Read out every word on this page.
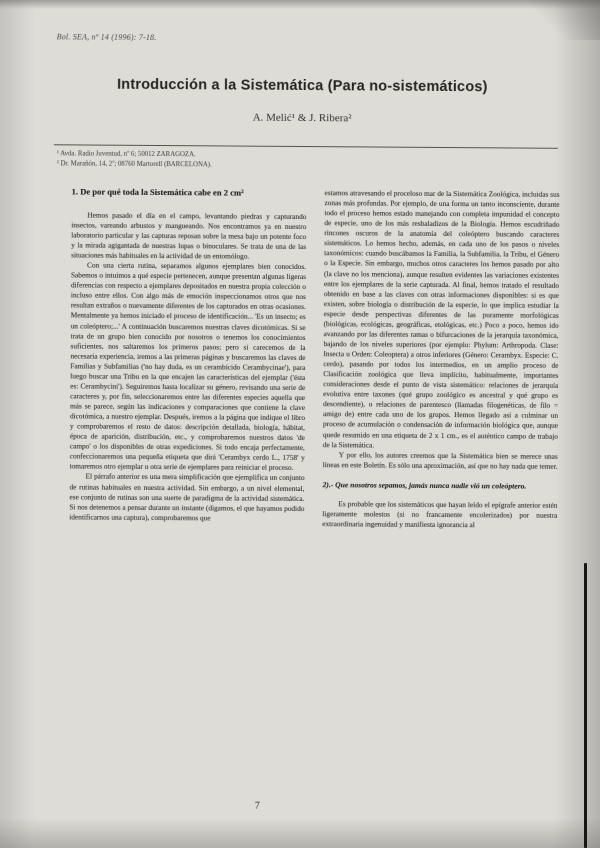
Bol. SEA, nº 14 (1996): 7-18.
Introducción a la Sistemática (Para no-sistemáticos)
A. Melić¹ & J. Ribera²
¹ Avda. Radio Juventud, nº 6; 50012 ZARAGOZA.
² Dr. Marañón, 14, 2º; 08760 Martorell (BARCELONA).
1. De por qué toda la Sistemática cabe en 2 cm²

Hemos pasado el día en el campo, levantando piedras y capturando insectos, vareando arbustos y mangueando. Nos encontramos ya en nuestro laboratorio particular y las capturas reposan sobre la mesa bajo un potente foco y la mirada agigantada de nuestras lupas o binoculares. Se trata de una de las situaciones más habituales en la actividad de un entomólogo.

Con una cierta rutina, separamos algunos ejemplares bien conocidos. Sabemos o intuimos a qué especie pertenecen, aunque presentan algunas ligeras diferencias con respecto a ejemplares depositados en nuestra propia colección o incluso entre ellos. Con algo más de emoción inspeccionamos otros que nos resultan extraños o nuevamente diferentes de los capturados en otras ocasiones. Mentalmente ya hemos iniciado el proceso de identificación... 'Es un insecto; es un coleóptero;...' A continuación buscaremos nuestras claves dicotómicas. Si se trata de un grupo bien conocido por nosotros o tenemos los conocimientos suficientes, nos saltaremos los primeros pasos; pero si carecemos de la necesaria experiencia, iremos a las primeras páginas y buscaremos las claves de Familias y Subfamilias ('no hay duda, es un cerambícido Cerambycinae'), para luego buscar una Tribu en la que encajen las características del ejemplar ('ésta es: Cerambycini'). Seguiremos hasta localizar su género, revisando una serie de caracteres y, por fin, seleccionaremos entre las diferentes especies aquella que más se parece, según las indicaciones y comparaciones que contiene la clave dicotómica, a nuestro ejemplar. Después, iremos a la página que indique el libro y comprobaremos el resto de datos: descripción detallada, biología, hábitat, época de aparición, distribución, etc., y comprobaremos nuestros datos 'de campo' o los disponibles de otras expediciones. Si todo encaja perfectamente, confeccionaremos una pequeña etiqueta que dirá 'Cerambyx cerdo L., 1758' y tomaremos otro ejemplar u otra serie de ejemplares para reiniciar el proceso.

El párrafo anterior es una mera simplificación que ejemplifica un conjunto de rutinas habituales en nuestra actividad. Sin embargo, a un nivel elemental, ese conjunto de rutinas son una suerte de paradigma de la actividad sistemática. Si nos detenemos a pensar durante un instante (digamos, el que hayamos podido identificarnos una captura), comprobaremos que

estamos atravesando el proceloso mar de la Sistemática Zoológica, incluidas sus zonas más profundas. Por ejemplo, de una forma un tanto inconsciente, durante todo el proceso hemos estado manejando con completa impunidad el concepto de especie, uno de los más resbaladizos de la Biología. Hemos escudriñado rincones oscuros de la anatomía del coleóptero buscando caracteres sistemáticos. Lo hemos hecho, además, en cada uno de los pasos o niveles taxonómicos: cuando buscábamos la Familia, la Subfamilia, la Tribu, el Género o la Especie. Sin embargo, muchos otros caracteres los hemos pasado por alto (la clave no los menciona), aunque resulten evidentes las variaciones existentes entre los ejemplares de la serie capturada. Al final, hemos tratado el resultado obtenido en base a las claves con otras informaciones disponibles: si es que existen, sobre biología o distribución de la especie, lo que implica estudiar la especie desde perspectivas diferentes de las puramente morfológicas (biológicas, ecológicas, geográficas, etológicas, etc.) Poco a poco, hemos ido avanzando por las diferentes ramas o bifurcaciones de la jerarquía taxonómica, bajando de los niveles superiores (por ejemplo: Phylum: Arthropoda. Clase: Insecta u Orden: Coleoptera) a otros inferiores (Género: Cerambyx. Especie: C. cerdo), pasando por todos los intermedios, en un amplio proceso de Clasificación zoológica que lleva implícito, habitualmente, importantes consideraciones desde el punto de vista sistemático: relaciones de jerarquía evolutiva entre taxones (qué grupo zoológico es ancestral y qué grupo es descendiente), o relaciones de parentesco (llamadas filogenéticas, de filo = amigo de) entre cada uno de los grupos. Hemos llegado así a culminar un proceso de acumulación o condensación de información biológica que, aunque quede resumido en una etiqueta de 2 x 1 cm., es el auténtico campo de trabajo de la Sistemática.

Y por ello, los autores creemos que la Sistemática bien se merece unas líneas en este Boletín. Es sólo una aproximación, así que no hay nada que temer.

2).- Que nosotros sepamos, jamás nunca nadie vió un coleóptero.

Es probable que los sistemáticos que hayan leído el epígrafe anterior estén ligeramente molestos (si no francamente encolerizados) por nuestra extraordinaria ingenuidad y manifiesta ignorancia al

7
